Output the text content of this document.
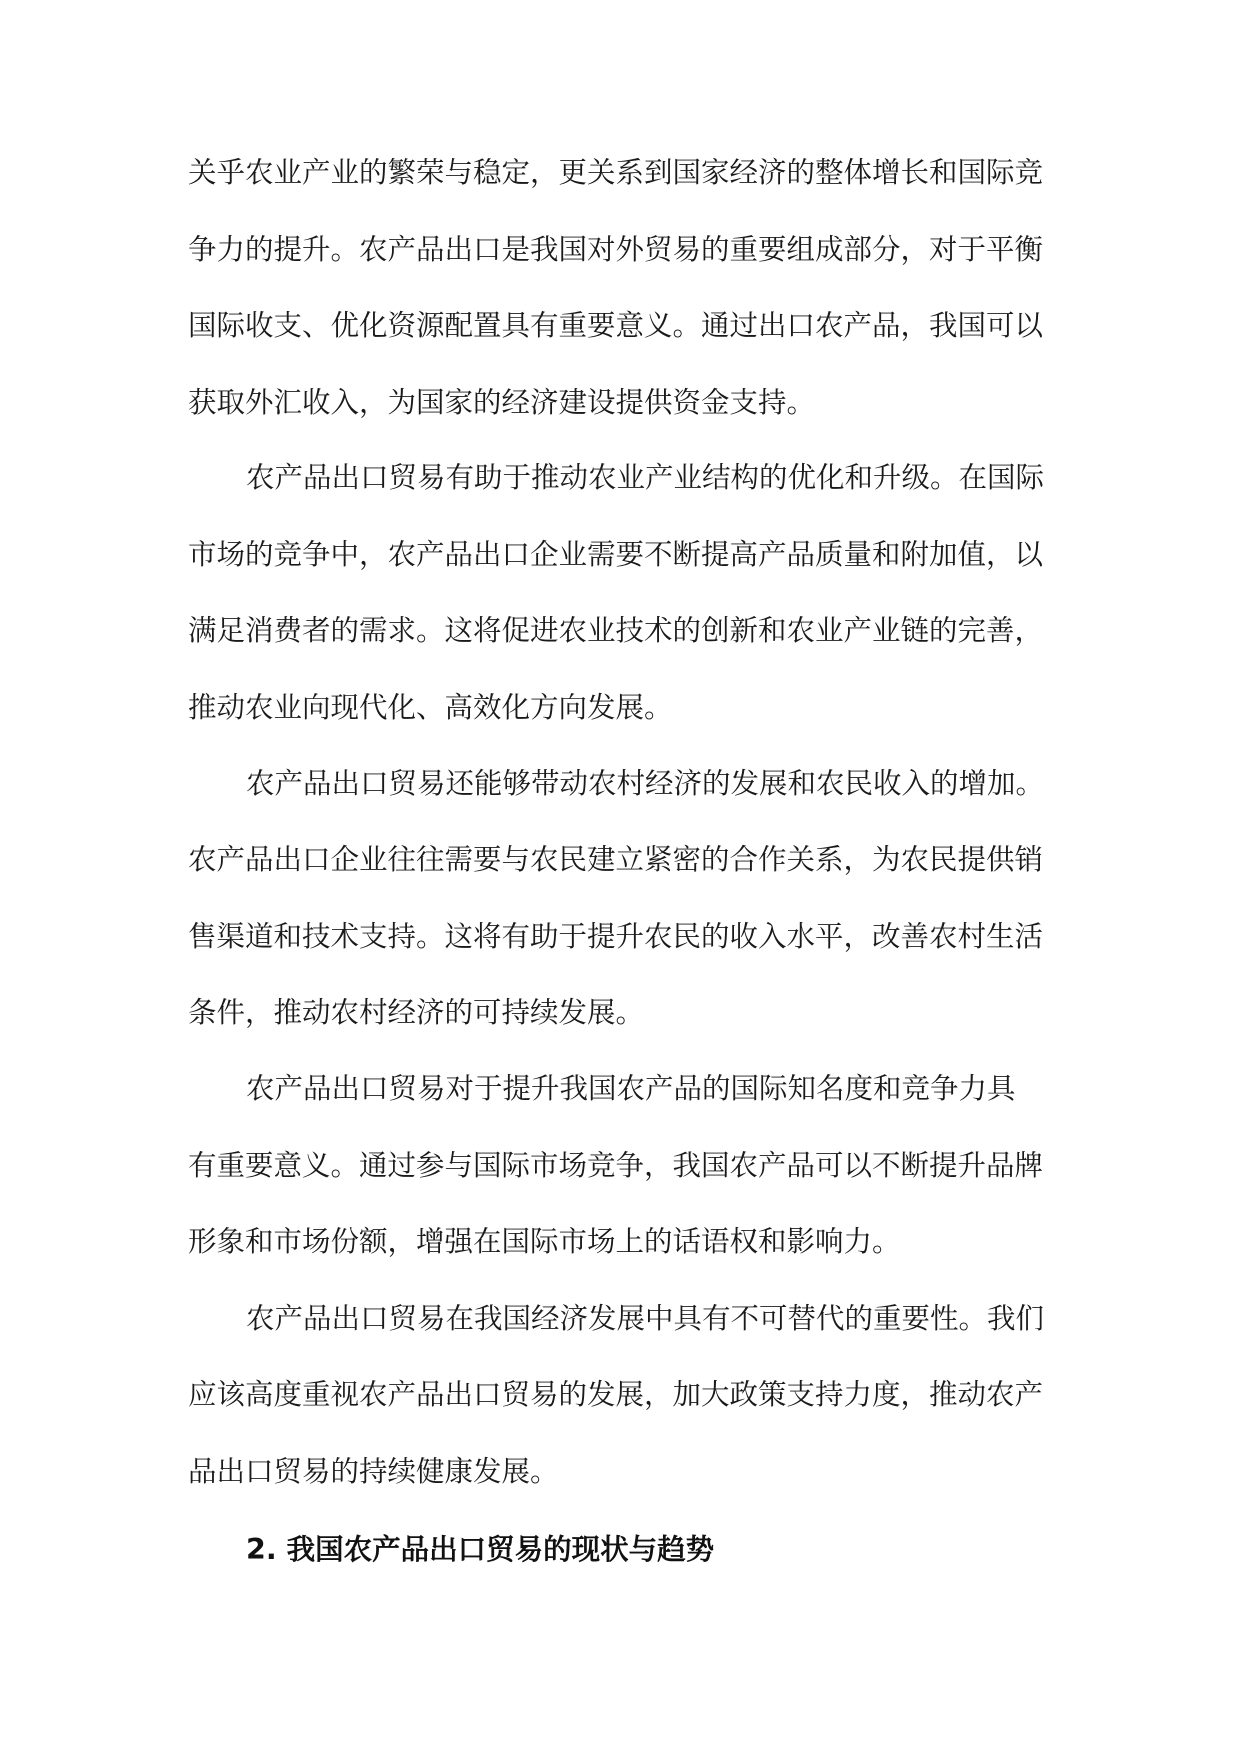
关乎农业产业的繁荣与稳定，更关系到国家经济的整体增长和国际竞
争力的提升。农产品出口是我国对外贸易的重要组成部分，对于平衡
国际收支、优化资源配置具有重要意义。通过出口农产品，我国可以
获取外汇收入，为国家的经济建设提供资金支持。
农产品出口贸易有助于推动农业产业结构的优化和升级。在国际
市场的竞争中，农产品出口企业需要不断提高产品质量和附加值，以
满足消费者的需求。这将促进农业技术的创新和农业产业链的完善，
推动农业向现代化、高效化方向发展。
农产品出口贸易还能够带动农村经济的发展和农民收入的增加。
农产品出口企业往往需要与农民建立紧密的合作关系，为农民提供销
售渠道和技术支持。这将有助于提升农民的收入水平，改善农村生活
条件，推动农村经济的可持续发展。
农产品出口贸易对于提升我国农产品的国际知名度和竞争力具
有重要意义。通过参与国际市场竞争，我国农产品可以不断提升品牌
形象和市场份额，增强在国际市场上的话语权和影响力。
农产品出口贸易在我国经济发展中具有不可替代的重要性。我们
应该高度重视农产品出口贸易的发展，加大政策支持力度，推动农产
品出口贸易的持续健康发展。
2. 我国农产品出口贸易的现状与趋势
